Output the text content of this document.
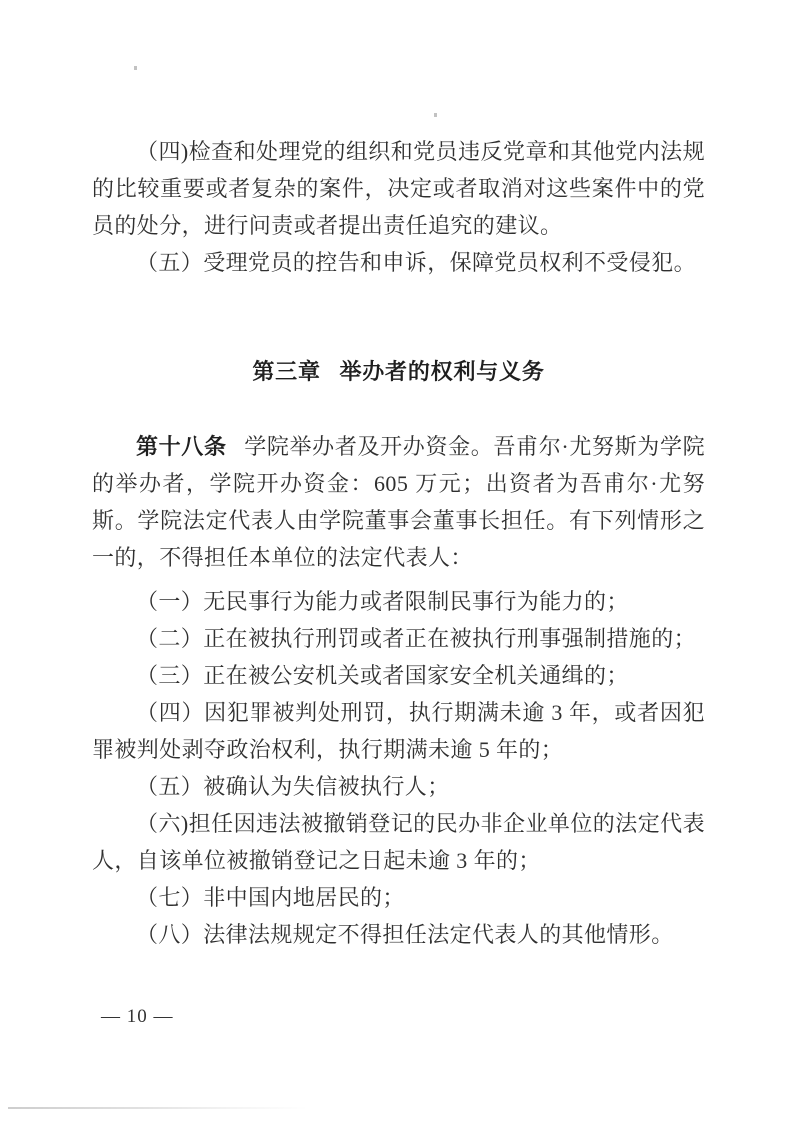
（四)检查和处理党的组织和党员违反党章和其他党内法规的比较重要或者复杂的案件，决定或者取消对这些案件中的党员的处分，进行问责或者提出责任追究的建议。

（五）受理党员的控告和申诉，保障党员权利不受侵犯。

第三章 举办者的权利与义务

第十八条 学院举办者及开办资金。吾甫尔·尤努斯为学院的举办者，学院开办资金：605 万元；出资者为吾甫尔·尤努斯。学院法定代表人由学院董事会董事长担任。有下列情形之一的，不得担任本单位的法定代表人：

（一）无民事行为能力或者限制民事行为能力的；

（二）正在被执行刑罚或者正在被执行刑事强制措施的；

（三）正在被公安机关或者国家安全机关通缉的；

（四）因犯罪被判处刑罚，执行期满未逾 3 年，或者因犯罪被判处剥夺政治权利，执行期满未逾 5 年的；

（五）被确认为失信被执行人；

（六)担任因违法被撤销登记的民办非企业单位的法定代表人，自该单位被撤销登记之日起未逾 3 年的；

（七）非中国内地居民的；

（八）法律法规规定不得担任法定代表人的其他情形。

— 10 —
